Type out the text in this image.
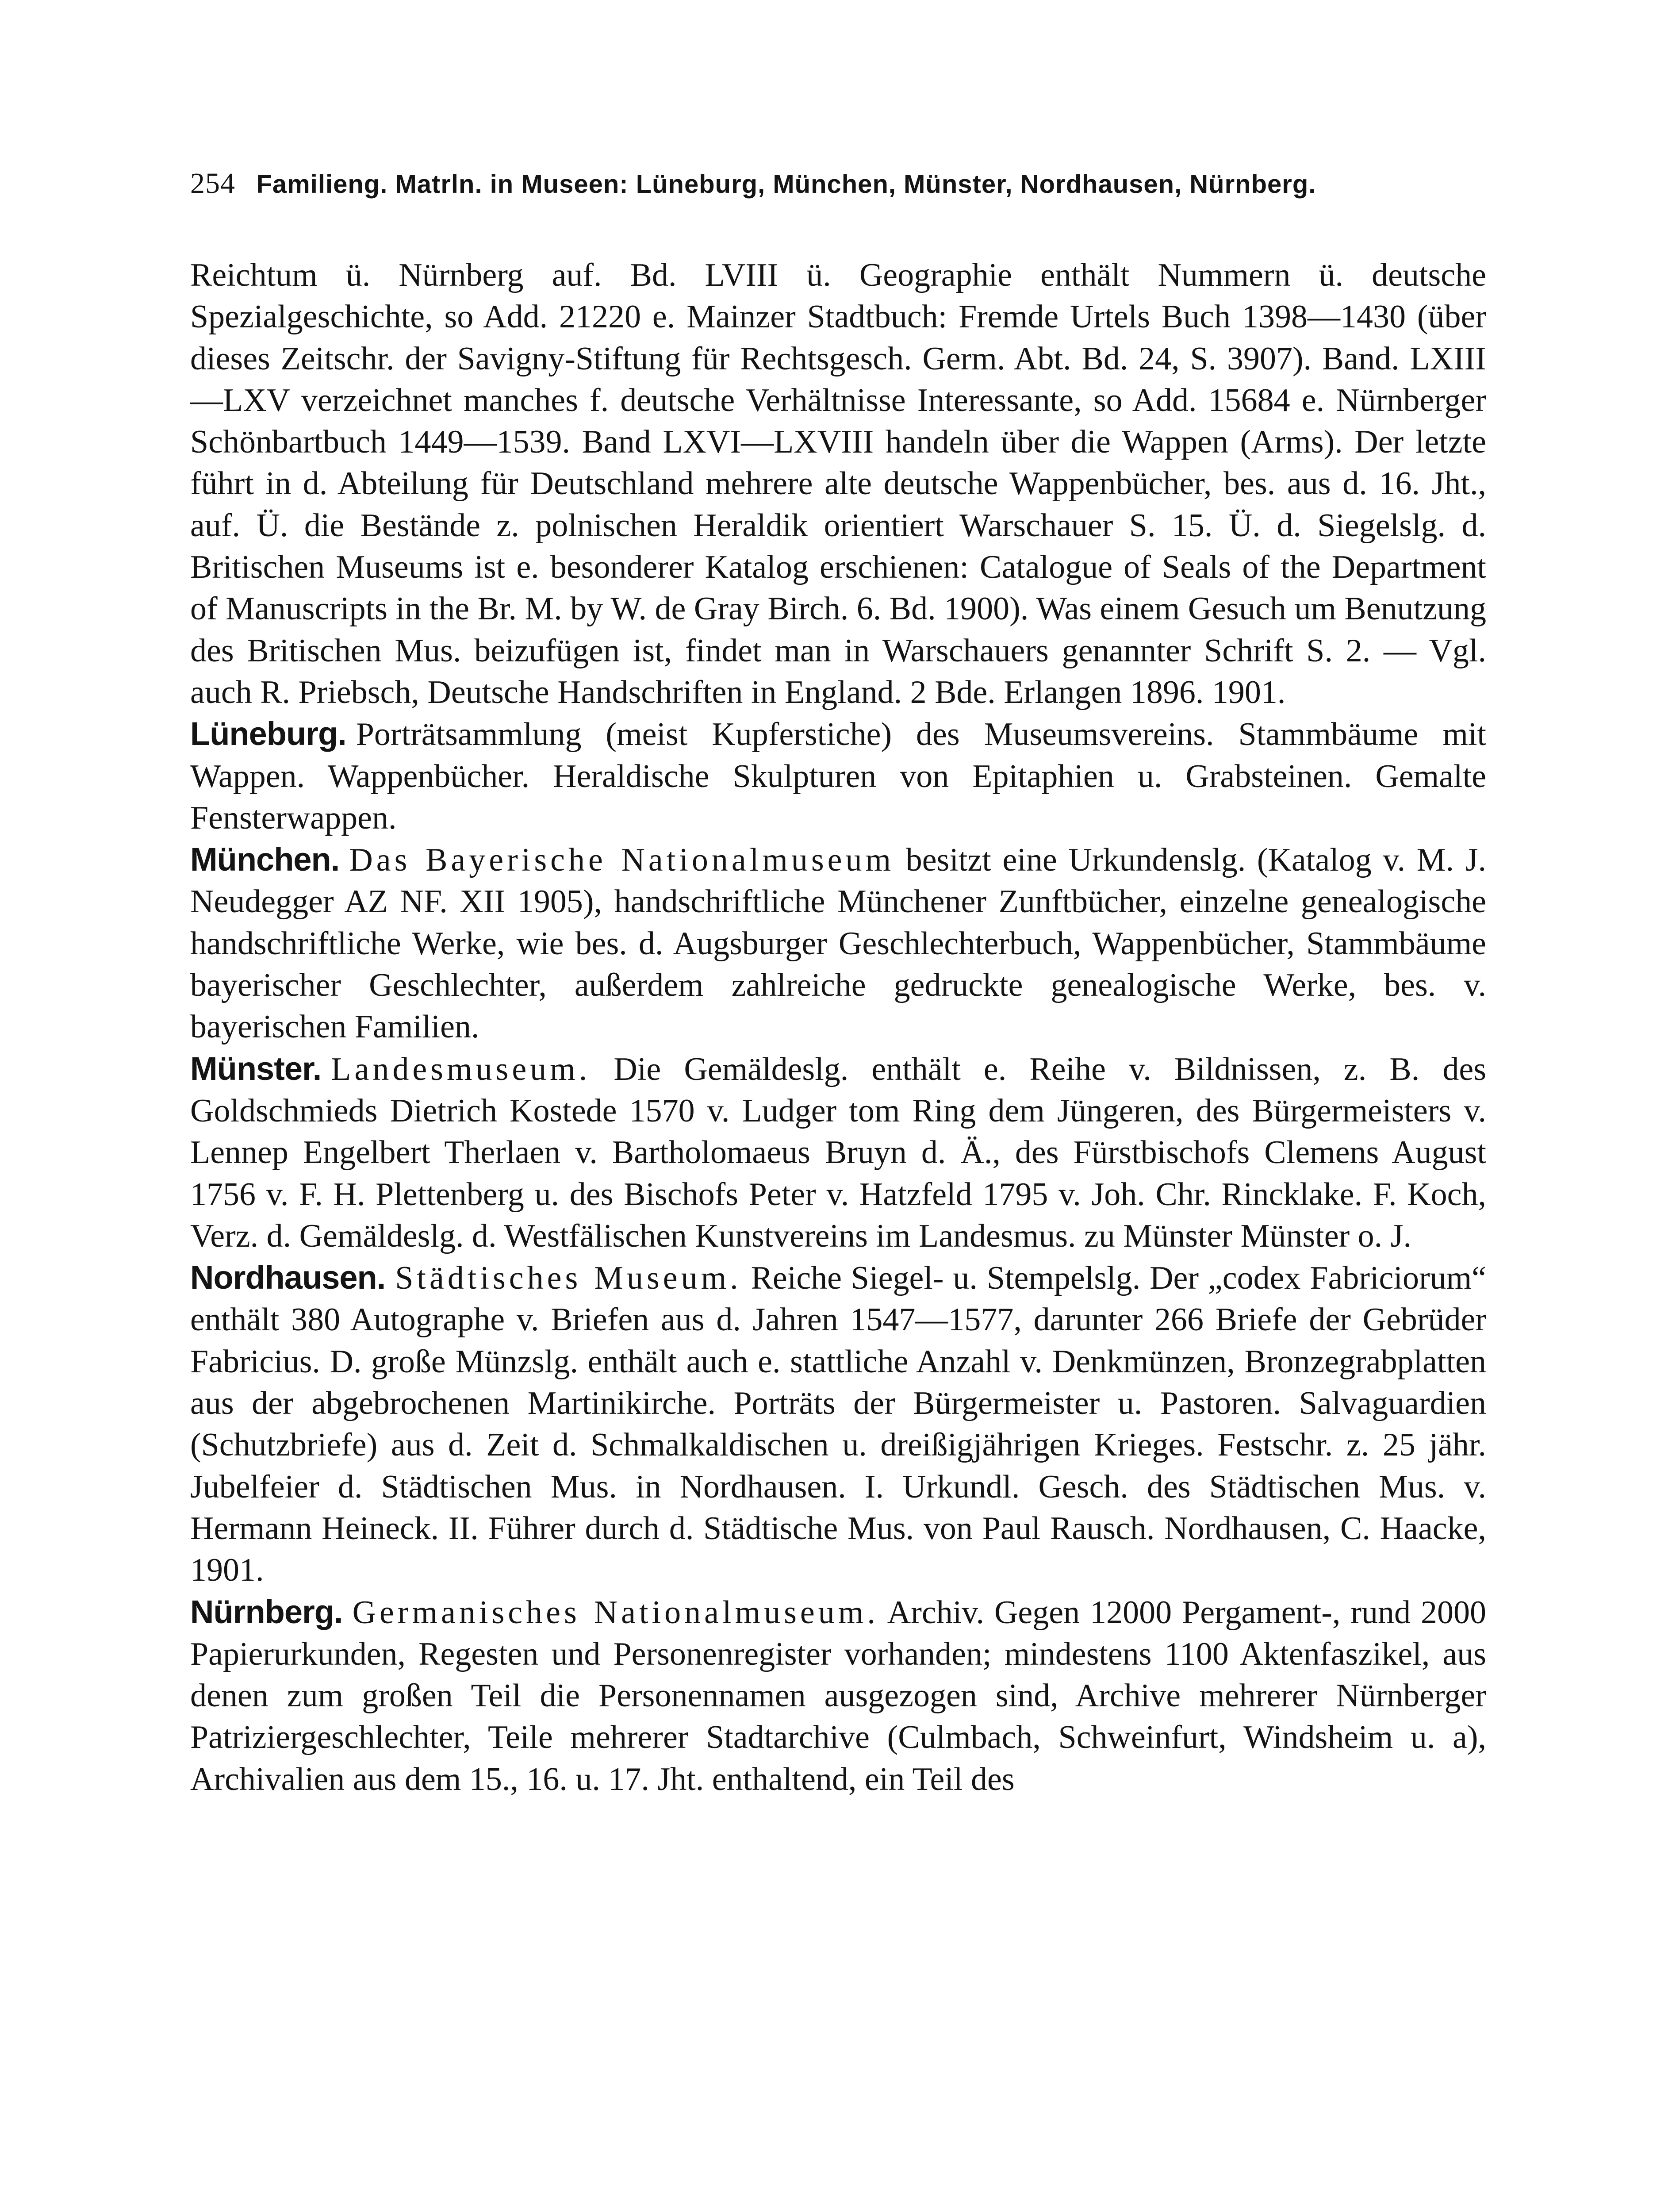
254 Familieng. Matrln. in Museen: Lüneburg, München, Münster, Nordhausen, Nürnberg.

Reichtum ü. Nürnberg auf. Bd. LVIII ü. Geographie enthält Nummern ü. deutsche Spezialgeschichte, so Add. 21220 e. Mainzer Stadtbuch: Fremde Urtels Buch 1398—1430 (über dieses Zeitschr. der Savigny-Stiftung für Rechtsgesch. Germ. Abt. Bd. 24, S. 3907). Band. LXIII—LXV verzeichnet manches f. deutsche Verhältnisse Interessante, so Add. 15684 e. Nürnberger Schönbartbuch 1449—1539. Band LXVI—LXVIII handeln über die Wappen (Arms). Der letzte führt in d. Abteilung für Deutschland mehrere alte deutsche Wappenbücher, bes. aus d. 16. Jht., auf. Ü. die Bestände z. polnischen Heraldik orientiert Warschauer S. 15. Ü. d. Siegelslg. d. Britischen Museums ist e. besonderer Katalog erschienen: Catalogue of Seals of the Department of Manuscripts in the Br. M. by W. de Gray Birch. 6. Bd. 1900). Was einem Gesuch um Benutzung des Britischen Mus. beizufügen ist, findet man in Warschauers genannter Schrift S. 2. — Vgl. auch R. Priebsch, Deutsche Handschriften in England. 2 Bde. Erlangen 1896. 1901.

Lüneburg. Porträtsammlung (meist Kupferstiche) des Museumsvereins. Stammbäume mit Wappen. Wappenbücher. Heraldische Skulpturen von Epitaphien u. Grabsteinen. Gemalte Fensterwappen.

München. Das Bayerische Nationalmuseum besitzt eine Urkundenslg. (Katalog v. M. J. Neudegger AZ NF. XII 1905), handschriftliche Münchener Zunftbücher, einzelne genealogische handschriftliche Werke, wie bes. d. Augsburger Geschlechterbuch, Wappenbücher, Stammbäume bayerischer Geschlechter, außerdem zahlreiche gedruckte genealogische Werke, bes. v. bayerischen Familien.

Münster. Landesmuseum. Die Gemäldeslg. enthält e. Reihe v. Bildnissen, z. B. des Goldschmieds Dietrich Kostede 1570 v. Ludger tom Ring dem Jüngeren, des Bürgermeisters v. Lennep Engelbert Therlaen v. Bartholomaeus Bruyn d. Ä., des Fürstbischofs Clemens August 1756 v. F. H. Plettenberg u. des Bischofs Peter v. Hatzfeld 1795 v. Joh. Chr. Rincklake. F. Koch, Verz. d. Gemäldeslg. d. Westfälischen Kunstvereins im Landesmus. zu Münster Münster o. J.

Nordhausen. Städtisches Museum. Reiche Siegel- u. Stempelslg. Der „codex Fabriciorum“ enthält 380 Autographe v. Briefen aus d. Jahren 1547—1577, darunter 266 Briefe der Gebrüder Fabricius. D. große Münzslg. enthält auch e. stattliche Anzahl v. Denkmünzen, Bronzegrabplatten aus der abgebrochenen Martinikirche. Porträts der Bürgermeister u. Pastoren. Salvaguardien (Schutzbriefe) aus d. Zeit d. Schmalkaldischen u. dreißigjährigen Krieges. Festschr. z. 25 jähr. Jubelfeier d. Städtischen Mus. in Nordhausen. I. Urkundl. Gesch. des Städtischen Mus. v. Hermann Heineck. II. Führer durch d. Städtische Mus. von Paul Rausch. Nordhausen, C. Haacke, 1901.

Nürnberg. Germanisches Nationalmuseum. Archiv. Gegen 12000 Pergament-, rund 2000 Papierurkunden, Regesten und Personenregister vorhanden; mindestens 1100 Aktenfaszikel, aus denen zum großen Teil die Personennamen ausgezogen sind, Archive mehrerer Nürnberger Patriziergeschlechter, Teile mehrerer Stadtarchive (Culmbach, Schweinfurt, Windsheim u. a), Archivalien aus dem 15., 16. u. 17. Jht. enthaltend, ein Teil des
